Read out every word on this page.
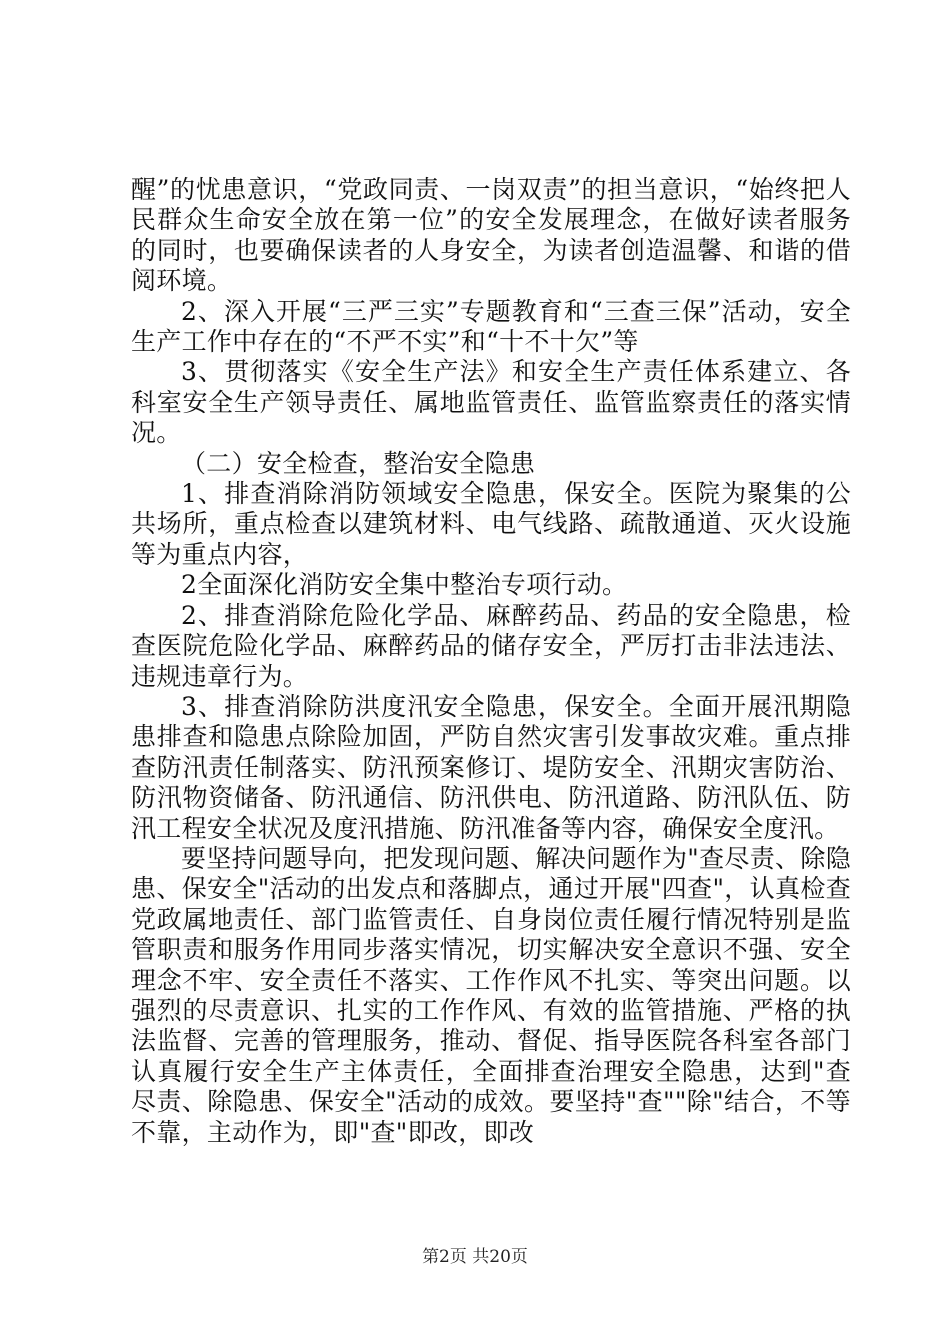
醒”的忧患意识，“党政同责、一岗双责”的担当意识，“始终把人民群众生命安全放在第一位”的安全发展理念，在做好读者服务的同时，也要确保读者的人身安全，为读者创造温馨、和谐的借阅环境。

2、深入开展“三严三实”专题教育和“三查三保”活动，安全生产工作中存在的“不严不实”和“十不十欠”等

3、贯彻落实《安全生产法》和安全生产责任体系建立、各科室安全生产领导责任、属地监管责任、监管监察责任的落实情况。

（二）安全检查，整治安全隐患

1、排查消除消防领域安全隐患，保安全。医院为聚集的公共场所，重点检查以建筑材料、电气线路、疏散通道、灭火设施等为重点内容，

2全面深化消防安全集中整治专项行动。

2、排查消除危险化学品、麻醉药品、药品的安全隐患，检查医院危险化学品、麻醉药品的储存安全，严厉打击非法违法、违规违章行为。

3、排查消除防洪度汛安全隐患，保安全。全面开展汛期隐患排查和隐患点除险加固，严防自然灾害引发事故灾难。重点排查防汛责任制落实、防汛预案修订、堤防安全、汛期灾害防治、防汛物资储备、防汛通信、防汛供电、防汛道路、防汛队伍、防汛工程安全状况及度汛措施、防汛准备等内容，确保安全度汛。

要坚持问题导向，把发现问题、解决问题作为"查尽责、除隐患、保安全"活动的出发点和落脚点，通过开展"四查"，认真检查党政属地责任、部门监管责任、自身岗位责任履行情况特别是监管职责和服务作用同步落实情况，切实解决安全意识不强、安全理念不牢、安全责任不落实、工作作风不扎实、等突出问题。以强烈的尽责意识、扎实的工作作风、有效的监管措施、严格的执法监督、完善的管理服务，推动、督促、指导医院各科室各部门认真履行安全生产主体责任，全面排查治理安全隐患，达到"查尽责、除隐患、保安全"活动的成效。要坚持"查""除"结合，不等不靠，主动作为，即"查"即改，即改

第2页 共20页
